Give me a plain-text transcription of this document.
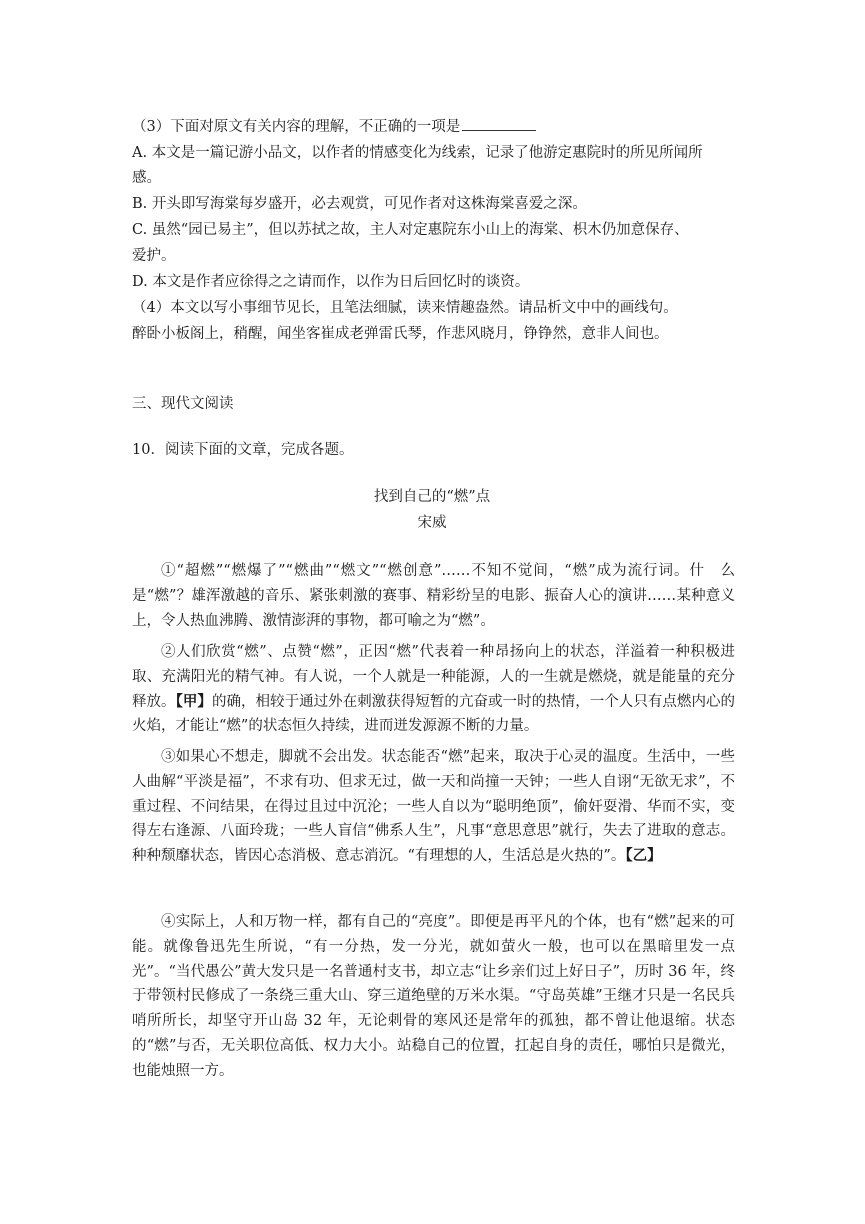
（3）下面对原文有关内容的理解，不正确的一项是
A. 本文是一篇记游小品文，以作者的情感变化为线索，记录了他游定惠院时的所见所闻所
感。
B. 开头即写海棠每岁盛开，必去观赏，可见作者对这株海棠喜爱之深。
C. 虽然“园已易主”，但以苏拭之故，主人对定惠院东小山上的海棠、枳木仍加意保存、
爱护。
D. 本文是作者应徐得之之请而作，以作为日后回忆时的谈资。
（4）本文以写小事细节见长，且笔法细腻，读来情趣盎然。请品析文中中的画线句。
醉卧小板阁上，稍醒，闻坐客崔成老弹雷氏琴，作悲风晓月，铮铮然，意非人间也。
三、现代文阅读
10．阅读下面的文章，完成各题。
找到自己的“燃”点
宋威
①“超燃”“燃爆了”“燃曲”“燃文”“燃创意”……不知不觉间，“燃”成为流行词。什　么是“燃”？雄浑激越的音乐、紧张刺激的赛事、精彩纷呈的电影、振奋人心的演讲……某种意义上，令人热血沸腾、激情澎湃的事物，都可喻之为“燃”。
②人们欣赏“燃”、点赞“燃”，正因“燃”代表着一种昂扬向上的状态，洋溢着一种积极进取、充满阳光的精气神。有人说，一个人就是一种能源，人的一生就是燃烧，就是能量的充分释放。【甲】的确，相较于通过外在刺激获得短暂的亢奋或一时的热情，一个人只有点燃内心的火焰，才能让“燃”的状态恒久持续，进而迸发源源不断的力量。
③如果心不想走，脚就不会出发。状态能否“燃”起来，取决于心灵的温度。生活中，一些人曲解“平淡是福”，不求有功、但求无过，做一天和尚撞一天钟；一些人自诩“无欲无求”，不重过程、不问结果，在得过且过中沉沦；一些人自以为“聪明绝顶”，偷奸耍滑、华而不实，变得左右逢源、八面玲珑；一些人盲信“佛系人生”，凡事“意思意思”就行，失去了进取的意志。种种颓靡状态，皆因心态消极、意志消沉。“有理想的人，生活总是火热的”。【乙】
④实际上，人和万物一样，都有自己的“亮度”。即便是再平凡的个体，也有“燃”起来的可能。就像鲁迅先生所说，“有一分热，发一分光，就如萤火一般，也可以在黑暗里发一点光”。“当代愚公”黄大发只是一名普通村支书，却立志“让乡亲们过上好日子”，历时 36 年，终于带领村民修成了一条绕三重大山、穿三道绝壁的万米水渠。“守岛英雄”王继才只是一名民兵哨所所长，却坚守开山岛 32 年，无论刺骨的寒风还是常年的孤独，都不曾让他退缩。状态的“燃”与否，无关职位高低、权力大小。站稳自己的位置，扛起自身的责任，哪怕只是微光，也能烛照一方。
